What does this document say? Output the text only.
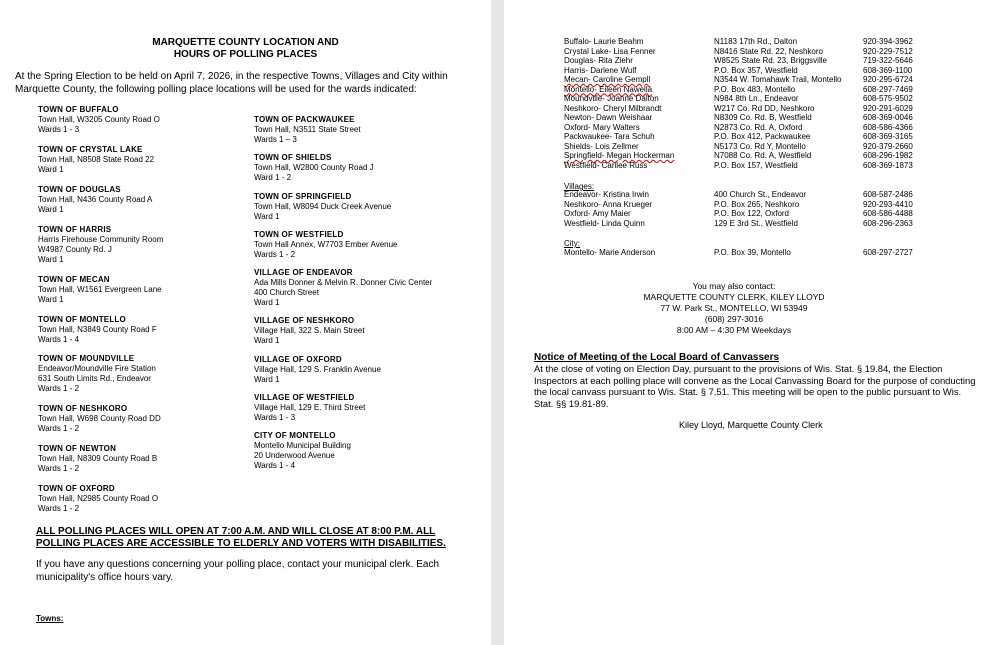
MARQUETTE COUNTY LOCATION AND
HOURS OF POLLING PLACES
At the Spring Election to be held on April 7, 2026, in the respective Towns, Villages and City within Marquette County, the following polling place locations will be used for the wards indicated:
TOWN OF BUFFALO
Town Hall, W3205 County Road O
Wards 1 - 3
TOWN OF CRYSTAL LAKE
Town Hall, N8508 State Road 22
Ward 1
TOWN OF DOUGLAS
Town Hall, N436 County Road A
Ward 1
TOWN OF HARRIS
Harris Firehouse Community Room
W4987 County Rd. J
Ward 1
TOWN OF MECAN
Town Hall, W1561 Evergreen Lane
Ward 1
TOWN OF MONTELLO
Town Hall, N3849 County Road F
Wards 1 - 4
TOWN OF MOUNDVILLE
Endeavor/Moundville Fire Station
631 South Limits Rd., Endeavor
Wards 1 - 2
TOWN OF NESHKORO
Town Hall, W698 County Road DD
Wards 1 - 2
TOWN OF NEWTON
Town Hall, N8309 County Road B
Wards 1 - 2
TOWN OF OXFORD
Town Hall, N2985 County Road O
Wards 1 - 2
TOWN OF PACKWAUKEE
Town Hall, N3511 State Street
Wards 1 – 3
TOWN OF SHIELDS
Town Hall, W2800 County Road J
Ward 1 - 2
TOWN OF SPRINGFIELD
Town Hall, W8094 Duck Creek Avenue
Ward 1
TOWN OF WESTFIELD
Town Hall Annex, W7703 Ember Avenue
Wards 1 - 2
VILLAGE OF ENDEAVOR
Ada Mills Donner & Melvin R. Donner Civic Center
400 Church Street
Ward 1
VILLAGE OF NESHKORO
Village Hall, 322 S. Main Street
Ward 1
VILLAGE OF OXFORD
Village Hall, 129 S. Franklin Avenue
Ward 1
VILLAGE OF WESTFIELD
Village Hall, 129 E. Third Street
Wards 1 - 3
CITY OF MONTELLO
Montello Municipal Building
20 Underwood Avenue
Wards 1 - 4
ALL POLLING PLACES WILL OPEN AT 7:00 A.M. AND WILL CLOSE AT 8:00 P.M. ALL POLLING PLACES ARE ACCESSIBLE TO ELDERLY AND VOTERS WITH DISABILITIES.
If you have any questions concerning your polling place, contact your municipal clerk. Each municipality's office hours vary.
Towns:
Buffalo- Laurie Beahm	N1183 17th Rd., Dalton	920-394-3962
Crystal Lake- Lisa Fenner	N8416 State Rd. 22, Neshkoro	920-229-7512
Douglas- Rita Ziehr	W8525 State Rd. 23, Briggsville	719-322-5646
Harris- Darlene Wulf	P.O. Box 357, Westfield	608-369-1100
Mecan- Caroline Gempll	N3544 W. Tomahawk Trail, Montello	920-295-6724
Montello- Eileen Nawella	P.O. Box 483, Montello	608-297-7469
Moundville- Joanne Dalton	N984 8th Ln., Endeavor	608-575-9502
Neshkoro- Cheryl Milbrandt	W217 Co. Rd DD, Neshkoro	920-291-6029
Newton- Dawn Weishaar	N8309 Co. Rd. B, Westfield	608-369-0046
Oxford- Mary Walters	N2873 Co. Rd. A, Oxford	608-586-4366
Packwaukee- Tara Schuh	P.O. Box 412, Packwaukee	608-369-3165
Shields- Lois Zellmer	N5173 Co. Rd Y, Montello	920-379-2660
Springfield- Megan Hockerman	N7088 Co. Rd. A, Westfield	608-296-1982
Westfield- Carilee Russ	P.O. Box 157, Westfield	608-369-1873
Endeavor- Kristina Irwin	400 Church St., Endeavor	608-587-2486
Neshkoro- Anna Krueger	P.O. Box 265, Neshkoro	920-293-4410
Oxford- Amy Maier	P.O. Box 122, Oxford	608-586-4488
Westfield- Linda Quinn	129 E 3rd St., Westfield	608-296-2363
Montello- Marie Anderson	P.O. Box 39, Montello	608-297-2727
Villages:
City:
You may also contact:
MARQUETTE COUNTY CLERK, KILEY LLOYD
77 W. Park St., MONTELLO, WI 53949
(608) 297-3016
8:00 AM – 4:30 PM Weekdays
Notice of Meeting of the Local Board of Canvassers
At the close of voting on Election Day, pursuant to the provisions of Wis. Stat. § 19.84, the Election Inspectors at each polling place will convene as the Local Canvassing Board for the purpose of conducting the local canvass pursuant to Wis. Stat. § 7.51. This meeting will be open to the public pursuant to Wis. Stat. §§ 19.81-89.
Kiley Lloyd, Marquette County Clerk
